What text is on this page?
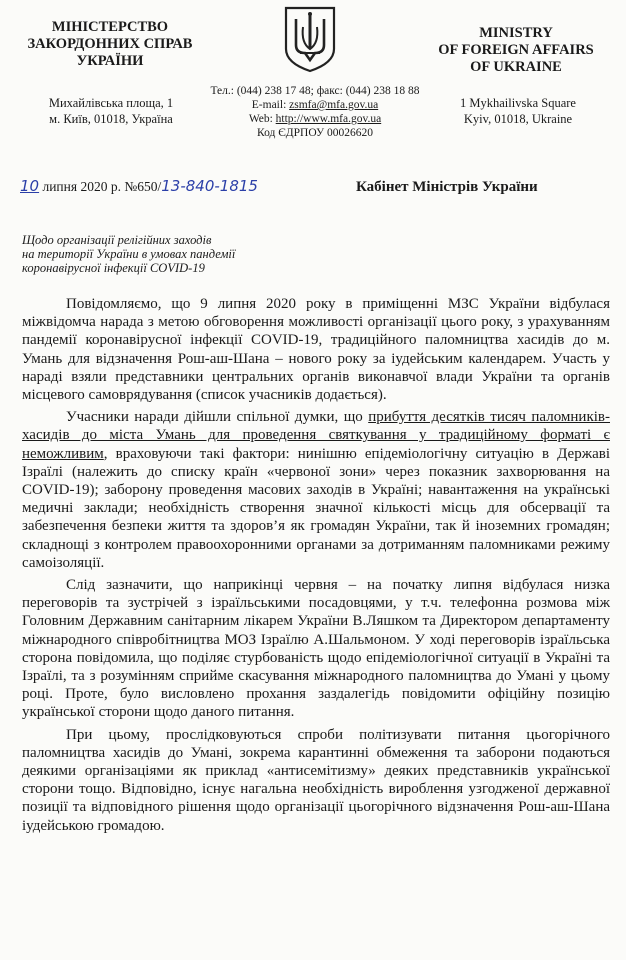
МІНІСТЕРСТВО
ЗАКОРДОННИХ СПРАВ
УКРАЇНИ
MINISTRY
OF FOREIGN AFFAIRS
OF UKRAINE
Михайлівська площа, 1
м. Київ, 01018, Україна
Тел.: (044) 238 17 48; факс: (044) 238 18 88
E-mail: zsmfa@mfa.gov.ua
Web: http://www.mfa.gov.ua
Код ЄДРПОУ 00026620
1 Mykhailivska Square
Kyiv, 01018, Ukraine
10 липня 2020 р. №650/13-840-1815	Кабінет Міністрів України
Щодо організації релігійних заходів
на території України в умовах пандемії
коронавірусної інфекції COVID-19

Повідомляємо, що 9 липня 2020 року в приміщенні МЗС України відбулася міжвідомча нарада з метою обговорення можливості організації цього року, з урахуванням пандемії коронавірусної інфекції COVID-19, традиційного паломництва хасидів до м. Умань для відзначення Рош-аш-Шана – нового року за іудейським календарем. Участь у нараді взяли представники центральних органів виконавчої влади України та органів місцевого самоврядування (список учасників додається).

Учасники наради дійшли спільної думки, що прибуття десятків тисяч паломників-хасидів до міста Умань для проведення святкування у традиційному форматі є неможливим, враховуючи такі фактори: нинішню епідеміологічну ситуацію в Державі Ізраїлі (належить до списку країн «червоної зони» через показник захворювання на COVID-19); заборону проведення масових заходів в Україні; навантаження на українські медичні заклади; необхідність створення значної кількості місць для обсервації та забезпечення безпеки життя та здоров’я як громадян України, так й іноземних громадян; складнощі з контролем правоохоронними органами за дотриманням паломниками режиму самоізоляції.

Слід зазначити, що наприкінці червня – на початку липня відбулася низка переговорів та зустрічей з ізраїльськими посадовцями, у т.ч. телефонна розмова між Головним Державним санітарним лікарем України В.Ляшком та Директором департаменту міжнародного співробітництва МОЗ Ізраїлю А.Шальмоном. У ході переговорів ізраїльська сторона повідомила, що поділяє стурбованість щодо епідеміологічної ситуації в Україні та Ізраїлі, та з розумінням сприйме скасування міжнародного паломництва до Умані у цьому році. Проте, було висловлено прохання заздалегідь повідомити офіційну позицію української сторони щодо даного питання.

При цьому, прослідковуються спроби політизувати питання цьогорічного паломництва хасидів до Умані, зокрема карантинні обмеження та заборони подаються деякими організаціями як приклад «антисемітизму» деяких представників української сторони тощо. Відповідно, існує нагальна необхідність вироблення узгодженої державної позиції та відповідного рішення щодо організації цьогорічного відзначення Рош-аш-Шана іудейською громадою.
